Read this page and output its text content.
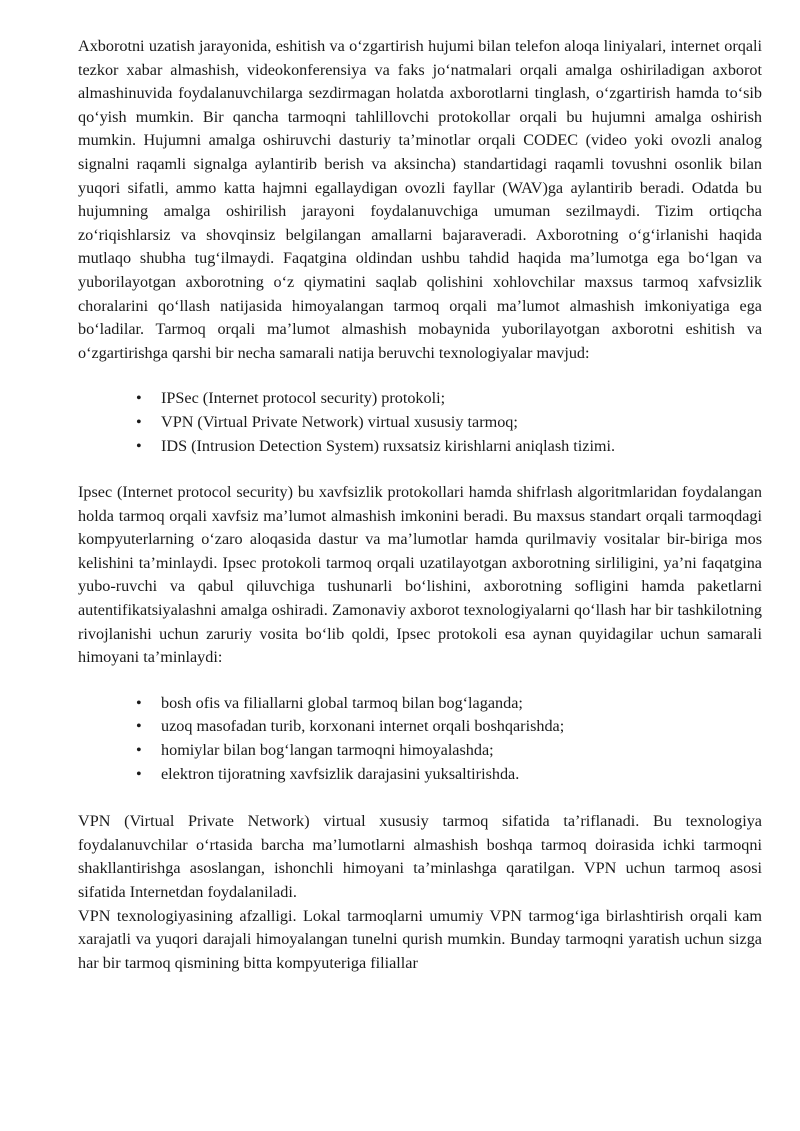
Axborotni uzatish jarayonida, eshitish va o‘zgartirish hujumi bilan telefon aloqa liniyalari, internet orqali tezkor xabar almashish, videokonferensiya va faks jo‘natmalari orqali amalga oshiriladigan axborot almashinuvida foydalanuvchilarga sezdirmagan holatda axborotlarni tinglash, o‘zgartirish hamda to‘sib qo‘yish mumkin. Bir qancha tarmoqni tahlillovchi protokollar orqali bu hujumni amalga oshirish mumkin. Hujumni amalga oshiruvchi dasturiy ta’minotlar orqali CODEC (video yoki ovozli analog signalni raqamli signalga aylantirib berish va aksincha) standartidagi raqamli tovushni osonlik bilan yuqori sifatli, ammo katta hajmni egallaydigan ovozli fayllar (WAV)ga aylantirib beradi. Odatda bu hujumning amalga oshirilish jarayoni foydalanuvchiga umuman sezilmaydi. Tizim ortiqcha zo‘riqishlarsiz va shovqinsiz belgilangan amallarni bajaraveradi. Axborotning o‘g‘irlanishi haqida mutlaqo shubha tug‘ilmaydi. Faqatgina oldindan ushbu tahdid haqida ma’lumotga ega bo‘lgan va yuborilayotgan axborotning o‘z qiymatini saqlab qolishini xohlovchilar maxsus tarmoq xafvsizlik choralarini qo‘llash natijasida himoyalangan tarmoq orqali ma’lumot almashish imkoniyatiga ega bo‘ladilar. Tarmoq orqali ma’lumot almashish mobaynida yuborilayotgan axborotni eshitish va o‘zgartirishga qarshi bir necha samarali natija beruvchi texnologiyalar mavjud:

• IPSec (Internet protocol security) protokoli;
• VPN (Virtual Private Network) virtual xususiy tarmoq;
• IDS (Intrusion Detection System) ruxsatsiz kirishlarni aniqlash tizimi.

Ipsec (Internet protocol security) bu xavfsizlik protokollari hamda shifrlash algoritmlaridan foydalangan holda tarmoq orqali xavfsiz ma’lumot almashish imkonini beradi. Bu maxsus standart orqali tarmoqdagi kompyuterlarning o‘zaro aloqasida dastur va ma’lumotlar hamda qurilmaviy vositalar bir-biriga mos kelishini ta’minlaydi. Ipsec protokoli tarmoq orqali uzatilayotgan axborotning sirliligini, ya’ni faqatgina yubo-ruvchi va qabul qiluvchiga tushunarli bo‘lishini, axborotning sofligini hamda paketlarni autentifikatsiyalashni amalga oshiradi. Zamonaviy axborot texnologiyalarni qo‘llash har bir tashkilotning rivojlanishi uchun zaruriy vosita bo‘lib qoldi, Ipsec protokoli esa aynan quyidagilar uchun samarali himoyani ta’minlaydi:

• bosh ofis va filiallarni global tarmoq bilan bog‘laganda;
• uzoq masofadan turib, korxonani internet orqali boshqarishda;
• homiylar bilan bog‘langan tarmoqni himoyalashda;
• elektron tijoratning xavfsizlik darajasini yuksaltirishda.

VPN (Virtual Private Network) virtual xususiy tarmoq sifatida ta’riflanadi. Bu texnologiya foydalanuvchilar o‘rtasida barcha ma’lumotlarni almashish boshqa tarmoq doirasida ichki tarmoqni shakllantirishga asoslangan, ishonchli himoyani ta’minlashga qaratilgan. VPN uchun tarmoq asosi sifatida Internetdan foydalaniladi.

VPN texnologiyasining afzalligi. Lokal tarmoqlarni umumiy VPN tarmog‘iga birlashtirish orqali kam xarajatli va yuqori darajali himoyalangan tunelni qurish mumkin. Bunday tarmoqni yaratish uchun sizga har bir tarmoq qismining bitta kompyuteriga filiallar
